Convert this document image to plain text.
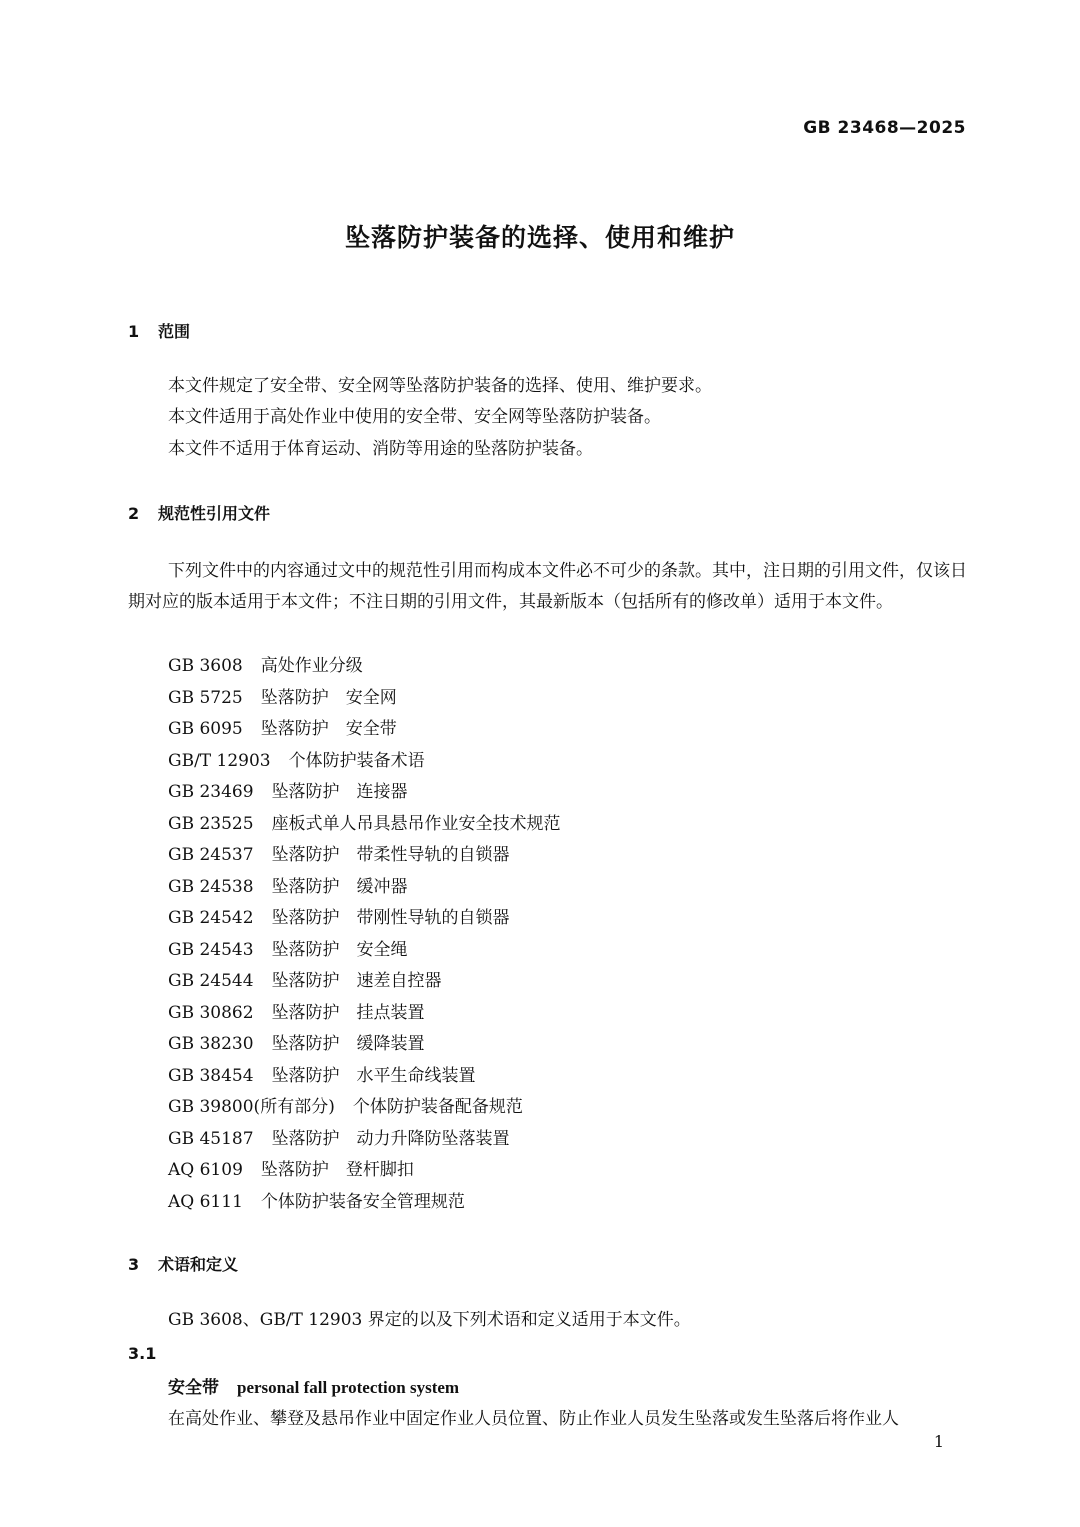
GB 23468—2025
坠落防护装备的选择、使用和维护
1 范围
本文件规定了安全带、安全网等坠落防护装备的选择、使用、维护要求。
本文件适用于高处作业中使用的安全带、安全网等坠落防护装备。
本文件不适用于体育运动、消防等用途的坠落防护装备。
2 规范性引用文件
下列文件中的内容通过文中的规范性引用而构成本文件必不可少的条款。其中，注日期的引用文件，仅该日期对应的版本适用于本文件；不注日期的引用文件，其最新版本（包括所有的修改单）适用于本文件。
GB 3608 高处作业分级
GB 5725 坠落防护　安全网
GB 6095 坠落防护　安全带
GB/T 12903 个体防护装备术语
GB 23469 坠落防护　连接器
GB 23525 座板式单人吊具悬吊作业安全技术规范
GB 24537 坠落防护　带柔性导轨的自锁器
GB 24538 坠落防护　缓冲器
GB 24542 坠落防护　带刚性导轨的自锁器
GB 24543 坠落防护　安全绳
GB 24544 坠落防护　速差自控器
GB 30862 坠落防护　挂点装置
GB 38230 坠落防护　缓降装置
GB 38454 坠落防护　水平生命线装置
GB 39800(所有部分) 个体防护装备配备规范
GB 45187 坠落防护　动力升降防坠落装置
AQ 6109 坠落防护　登杆脚扣
AQ 6111 个体防护装备安全管理规范
3 术语和定义
GB 3608、GB/T 12903 界定的以及下列术语和定义适用于本文件。
3.1
安全带 personal fall protection system
在高处作业、攀登及悬吊作业中固定作业人员位置、防止作业人员发生坠落或发生坠落后将作业人
1
